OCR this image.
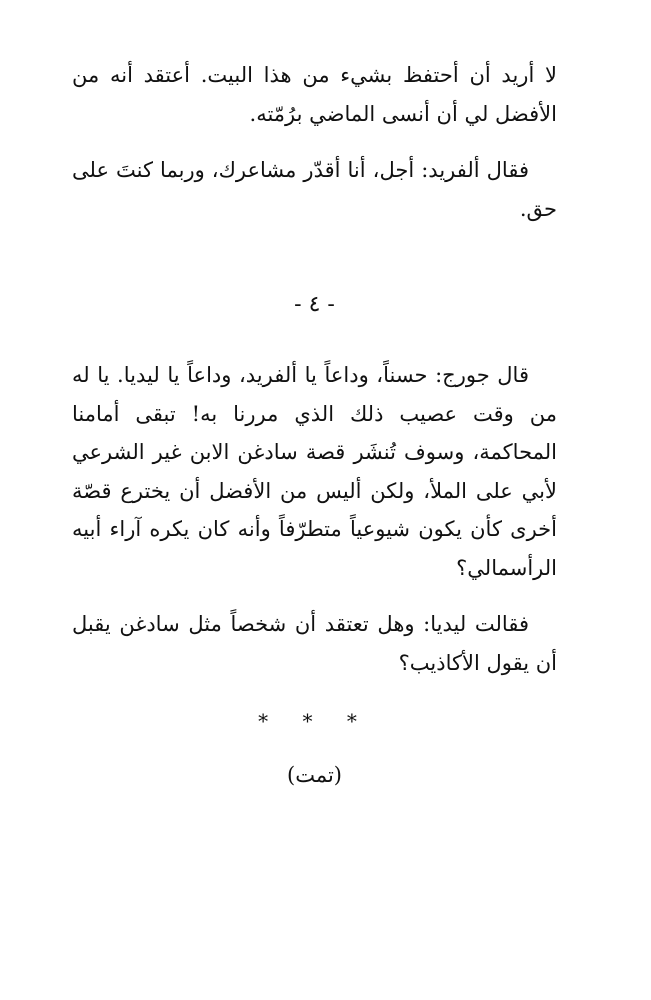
لا أريد أن أحتفظ بشيء من هذا البيت. أعتقد أنه من الأفضل لي أن أنسى الماضي برُمّته.

فقال ألفريد: أجل، أنا أقدّر مشاعرك، وربما كنتَ على حق.

- ٤ -

قال جورج: حسناً، وداعاً يا ألفريد، وداعاً يا ليديا. يا له من وقت عصيب ذلك الذي مررنا به! تبقى أمامنا المحاكمة، وسوف تُنشَر قصة سادغن الابن غير الشرعي لأبي على الملأ، ولكن أليس من الأفضل أن يخترع قصّة أخرى كأن يكون شيوعياً متطرّفاً وأنه كان يكره آراء أبيه الرأسمالي؟

فقالت ليديا: وهل تعتقد أن شخصاً مثل سادغن يقبل أن يقول الأكاذيب؟

* * *
(تمت)
